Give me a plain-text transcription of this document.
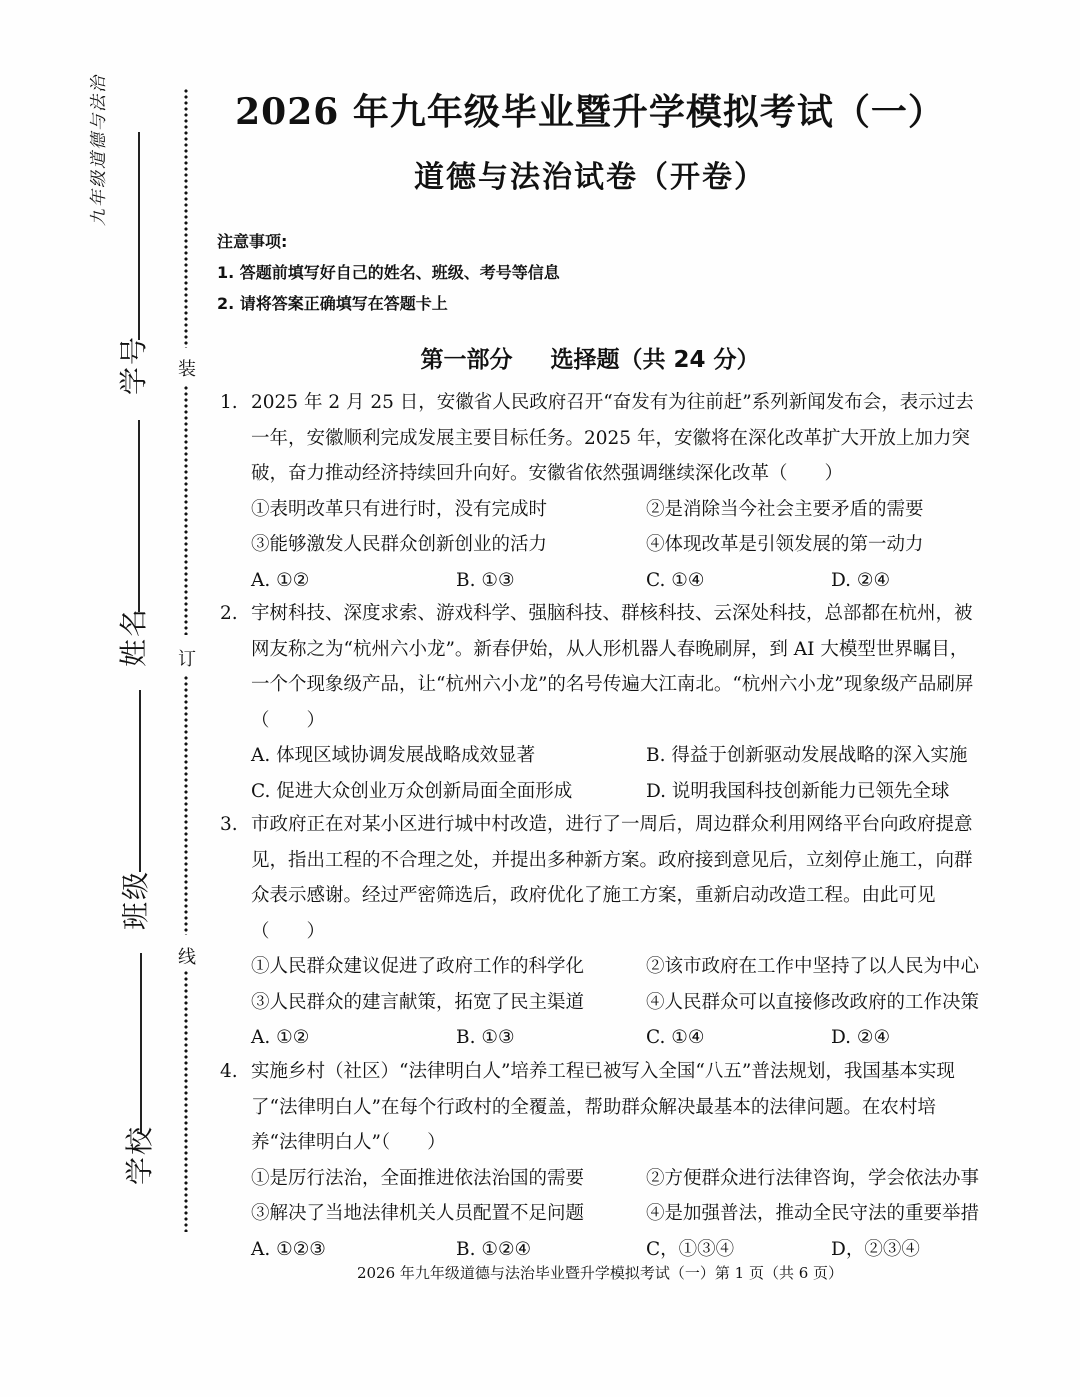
九年级道德与法治
学号
姓名
班级
学校
装
订
线
2026 年九年级毕业暨升学模拟考试（一）
道德与法治试卷（开卷）
注意事项:
1. 答题前填写好自己的姓名、班级、考号等信息
2. 请将答案正确填写在答题卡上
第一部分 选择题（共 24 分）
1. 2025 年 2 月 25 日，安徽省人民政府召开“奋发有为往前赶”系列新闻发布会，表示过去一年，安徽顺利完成发展主要目标任务。2025 年，安徽将在深化改革扩大开放上加力突破，奋力推动经济持续回升向好。安徽省依然强调继续深化改革（　　）
①表明改革只有进行时，没有完成时	②是消除当今社会主要矛盾的需要
③能够激发人民群众创新创业的活力	④体现改革是引领发展的第一动力
A. ①②	B. ①③	C. ①④	D. ②④
2. 宇树科技、深度求索、游戏科学、强脑科技、群核科技、云深处科技，总部都在杭州，被网友称之为“杭州六小龙”。新春伊始，从人形机器人春晚刷屏，到 AI 大模型世界瞩目，一个个现象级产品，让“杭州六小龙”的名号传遍大江南北。“杭州六小龙”现象级产品刷屏（　　）
A. 体现区域协调发展战略成效显著	B. 得益于创新驱动发展战略的深入实施
C. 促进大众创业万众创新局面全面形成	D. 说明我国科技创新能力已领先全球
3. 市政府正在对某小区进行城中村改造，进行了一周后，周边群众利用网络平台向政府提意见，指出工程的不合理之处，并提出多种新方案。政府接到意见后，立刻停止施工，向群众表示感谢。经过严密筛选后，政府优化了施工方案，重新启动改造工程。由此可见（　　）
①人民群众建议促进了政府工作的科学化	②该市政府在工作中坚持了以人民为中心
③人民群众的建言献策，拓宽了民主渠道	④人民群众可以直接修改政府的工作决策
A. ①②	B. ①③	C. ①④	D. ②④
4. 实施乡村（社区）“法律明白人”培养工程已被写入全国“八五”普法规划，我国基本实现了“法律明白人”在每个行政村的全覆盖，帮助群众解决最基本的法律问题。在农村培养“法律明白人”（　　）
①是厉行法治，全面推进依法治国的需要	②方便群众进行法律咨询，学会依法办事
③解决了当地法律机关人员配置不足问题	④是加强普法，推动全民守法的重要举措
A. ①②③	B. ①②④	C，①③④	D，②③④
2026 年九年级道德与法治毕业暨升学模拟考试（一）第 1 页（共 6 页）
